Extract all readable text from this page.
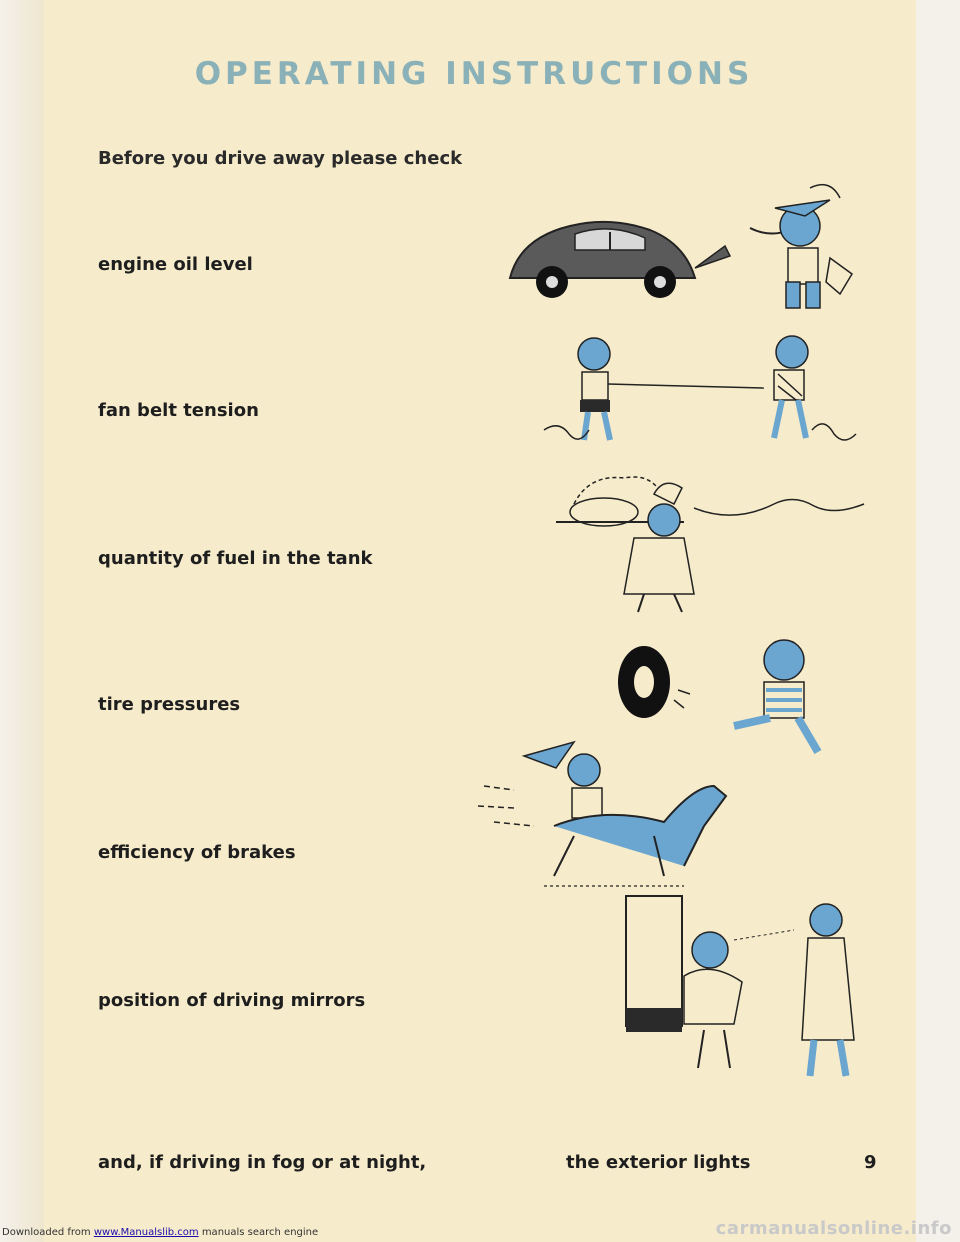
OPERATING INSTRUCTIONS
Before you drive away please check
engine oil level
fan belt tension
quantity of fuel in the tank
tire pressures
efficiency of brakes
position of driving mirrors
and, if driving in fog or at night,	the exterior lights	9
Downloaded from www.Manualslib.com manuals search engine	carmanualsonline.info
